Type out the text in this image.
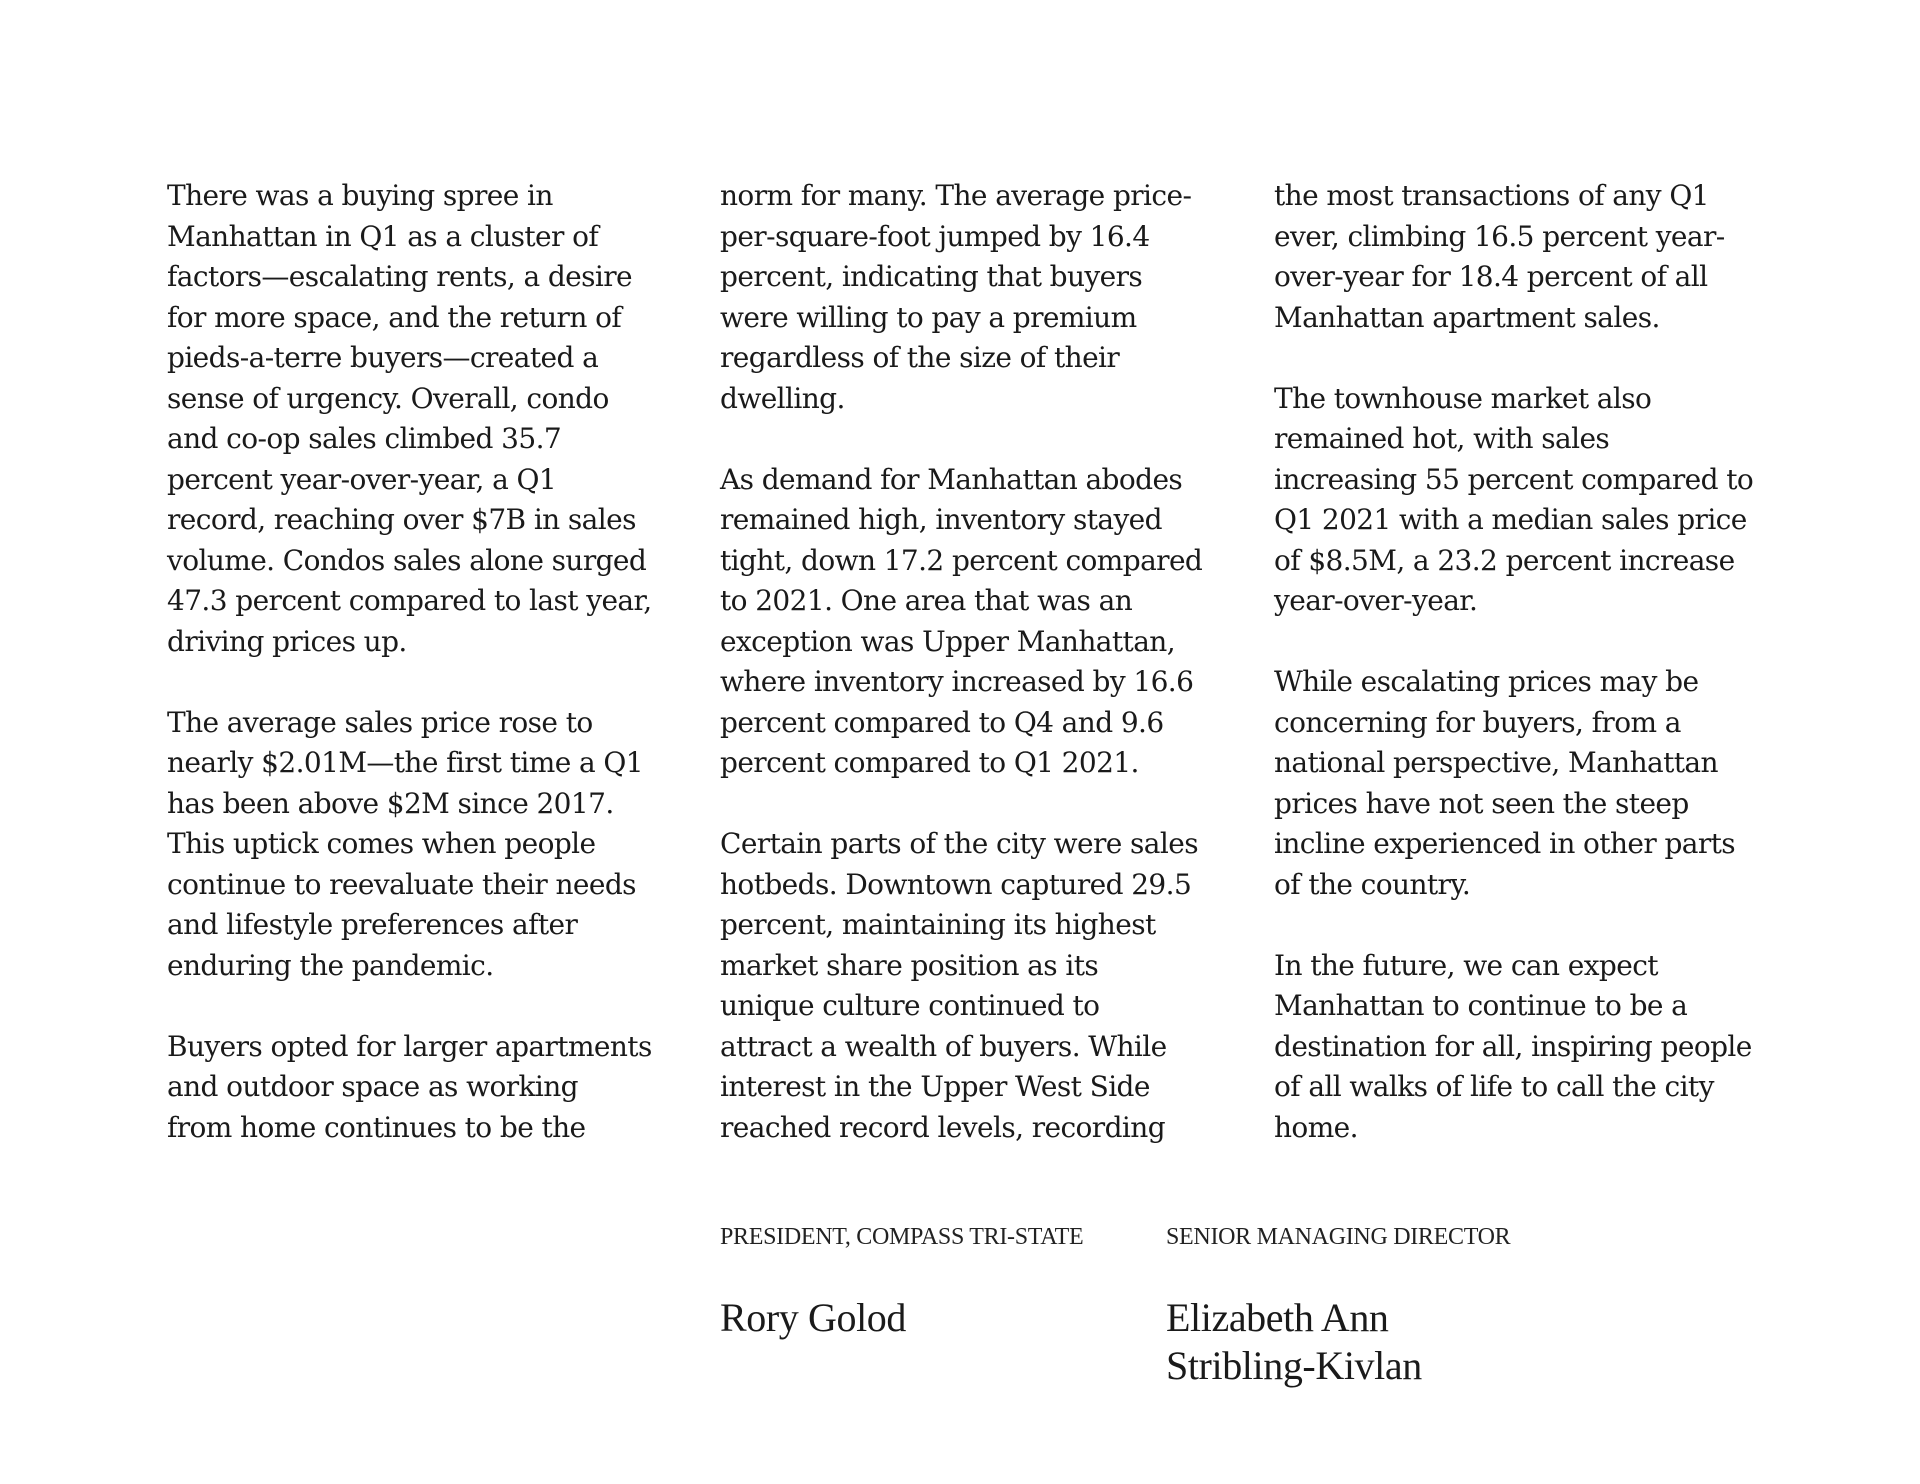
There was a buying spree in
Manhattan in Q1 as a cluster of
factors—escalating rents, a desire
for more space, and the return of
pieds-a-terre buyers—created a
sense of urgency. Overall, condo
and co-op sales climbed 35.7
percent year-over-year, a Q1
record, reaching over $7B in sales
volume. Condos sales alone surged
47.3 percent compared to last year,
driving prices up.

The average sales price rose to
nearly $2.01M—the first time a Q1
has been above $2M since 2017.
This uptick comes when people
continue to reevaluate their needs
and lifestyle preferences after
enduring the pandemic.

Buyers opted for larger apartments
and outdoor space as working
from home continues to be the

norm for many. The average price-
per-square-foot jumped by 16.4
percent, indicating that buyers
were willing to pay a premium
regardless of the size of their
dwelling.

As demand for Manhattan abodes
remained high, inventory stayed
tight, down 17.2 percent compared
to 2021. One area that was an
exception was Upper Manhattan,
where inventory increased by 16.6
percent compared to Q4 and 9.6
percent compared to Q1 2021.

Certain parts of the city were sales
hotbeds. Downtown captured 29.5
percent, maintaining its highest
market share position as its
unique culture continued to
attract a wealth of buyers. While
interest in the Upper West Side
reached record levels, recording

the most transactions of any Q1
ever, climbing 16.5 percent year-
over-year for 18.4 percent of all
Manhattan apartment sales.

The townhouse market also
remained hot, with sales
increasing 55 percent compared to
Q1 2021 with a median sales price
of $8.5M, a 23.2 percent increase
year-over-year.

While escalating prices may be
concerning for buyers, from a
national perspective, Manhattan
prices have not seen the steep
incline experienced in other parts
of the country.

In the future, we can expect
Manhattan to continue to be a
destination for all, inspiring people
of all walks of life to call the city
home.

PRESIDENT, COMPASS TRI-STATE

Rory Golod

SENIOR MANAGING DIRECTOR

Elizabeth Ann
Stribling-Kivlan
